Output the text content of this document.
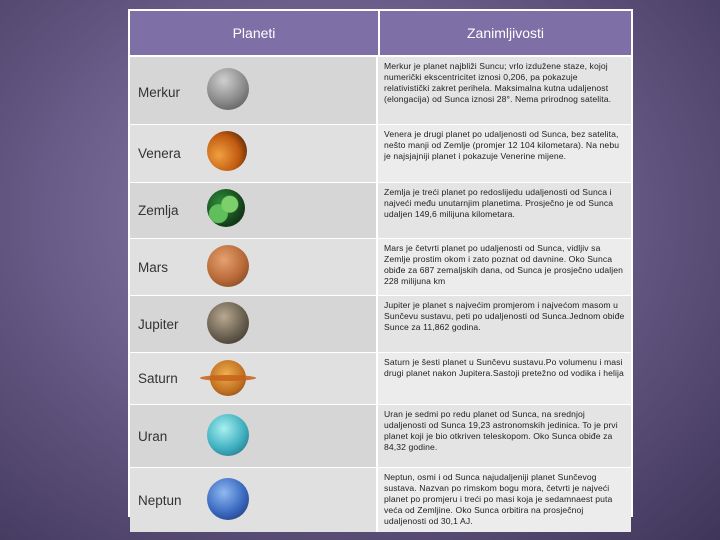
Planeti	Zanimljivosti
Merkur
Merkur je planet najbliži Suncu; vrlo izdužene staze, kojoj numerički ekscentricitet iznosi 0,206, pa pokazuje relativistički zakret perihela. Maksimalna kutna udaljenost (elongacija) od Sunca iznosi 28°. Nema prirodnog satelita.
Venera
Venera je drugi planet po udaljenosti od Sunca, bez satelita, nešto manji od Zemlje (promjer 12 104 kilometara). Na nebu je najsjajniji planet i pokazuje Venerine mijene.
Zemlja
Zemlja je treći planet po redoslijedu udaljenosti od Sunca i najveći među unutarnjim planetima. Prosječno je od Sunca udaljen 149,6 milijuna kilometara.
Mars
Mars je četvrti planet po udaljenosti od Sunca, vidljiv sa Zemlje prostim okom i zato poznat od davnine. Oko Sunca obiđe za 687 zemaljskih dana, od Sunca je prosječno udaljen 228 milijuna km
Jupiter
Jupiter je planet s najvećim promjerom i najvećom masom u Sunčevu sustavu, peti po udaljenosti od Sunca.Jednom obiđe Sunce za 11,862 godina.
Saturn
Saturn je šesti planet u Sunčevu sustavu.Po volumenu i masi drugi planet nakon Jupitera.Sastoji pretežno od vodika i helija
Uran
Uran je sedmi po redu planet od Sunca, na srednjoj udaljenosti od Sunca 19,23 astronomskih jedinica. To je prvi planet koji je bio otkriven teleskopom. Oko Sunca obiđe za 84,32 godine.
Neptun
Neptun, osmi i od Sunca najudaljeniji planet Sunčevog sustava. Nazvan po rimskom bogu mora, četvrti je najveći planet po promjeru i treći po masi koja je sedamnaest puta veća od Zemljine. Oko Sunca orbitira na prosječnoj udaljenosti od 30,1 AJ.
